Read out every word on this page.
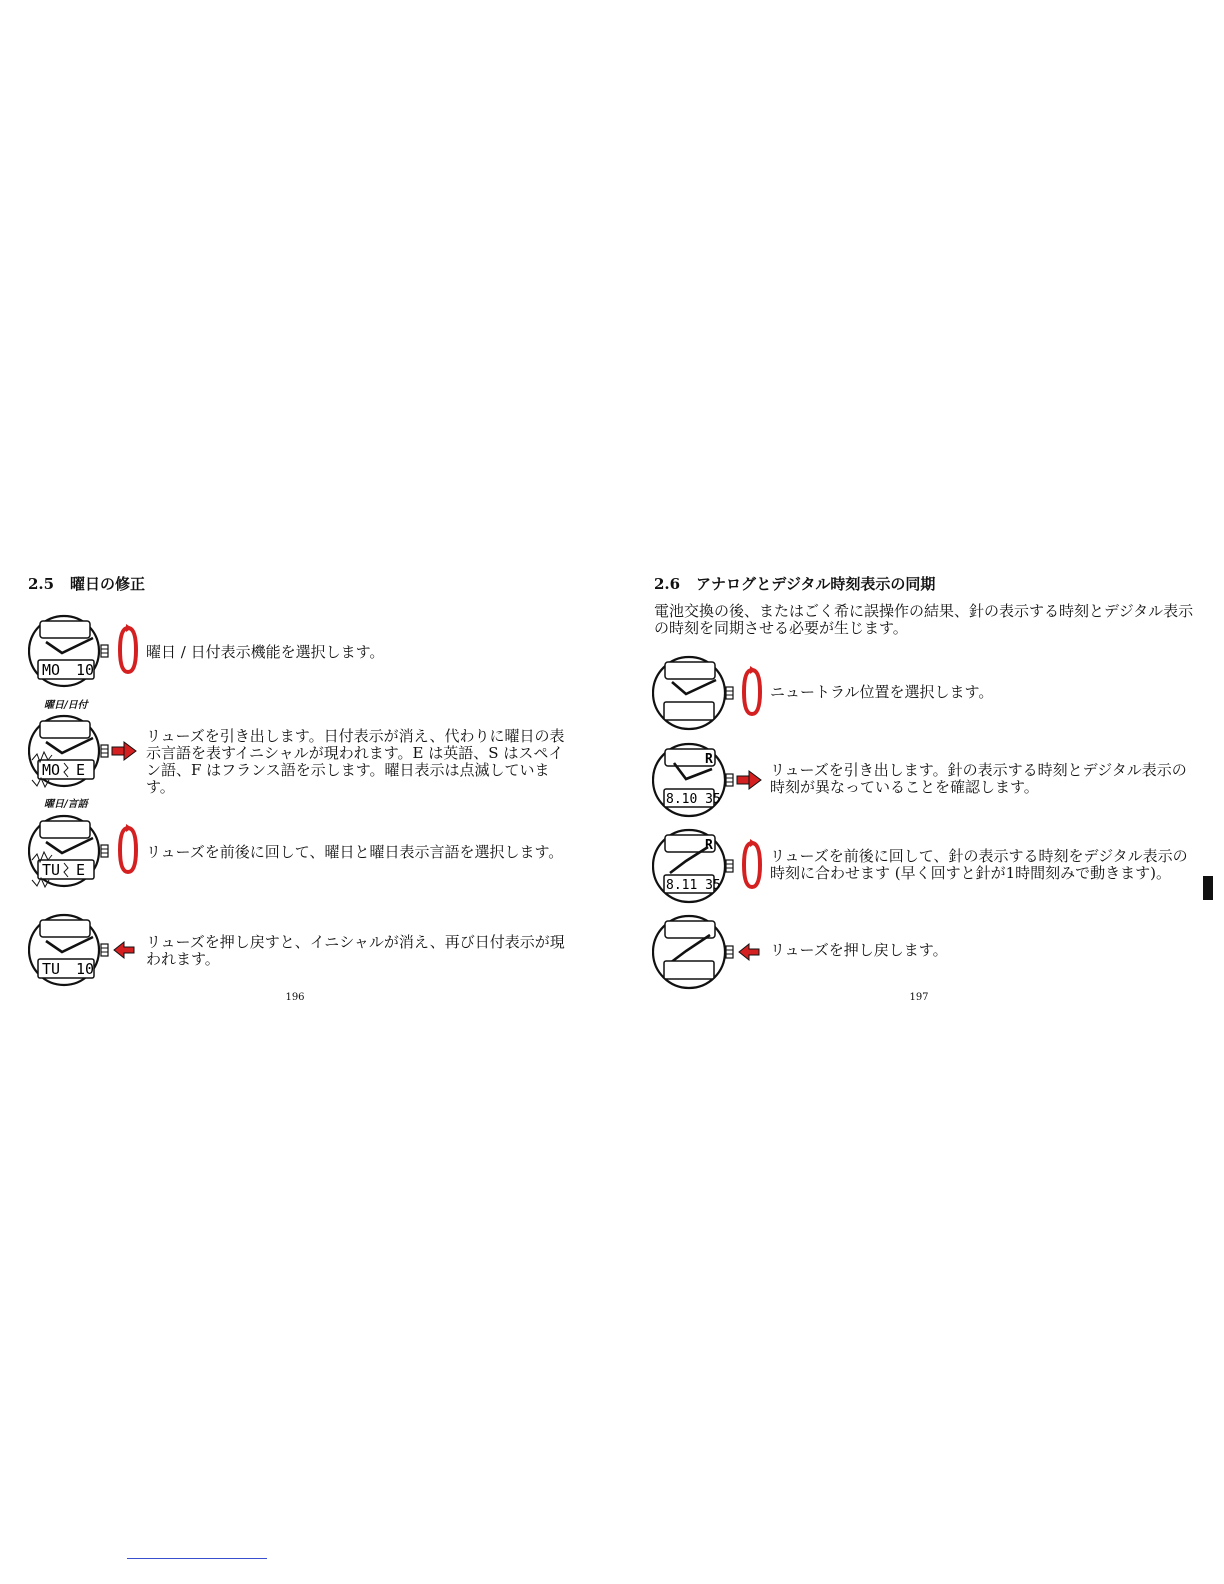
2.5 曜日の修正
MO 10
曜日 / 日付表示機能を選択します。
曜日/日付
MO E
リューズを引き出します。日付表示が消え、代わりに曜日の表示言語を表すイニシャルが現われます。E は英語、S はスペイン語、F はフランス語を示します。曜日表示は点滅しています。
曜日/言語
TU E
リューズを前後に回して、曜日と曜日表示言語を選択します。
TU 10
リューズを押し戻すと、イニシャルが消え、再び日付表示が現われます。
196
2.6 アナログとデジタル時刻表示の同期
電池交換の後、またはごく希に誤操作の結果、針の表示する時刻とデジタル表示の時刻を同期させる必要が生じます。
ニュートラル位置を選択します。
R
8.10 35
リューズを引き出します。針の表示する時刻とデジタル表示の時刻が異なっていることを確認します。
R
8.11 35
リューズを前後に回して、針の表示する時刻をデジタル表示の時刻に合わせます (早く回すと針が1時間刻みで動きます)。
リューズを押し戻します。
197
